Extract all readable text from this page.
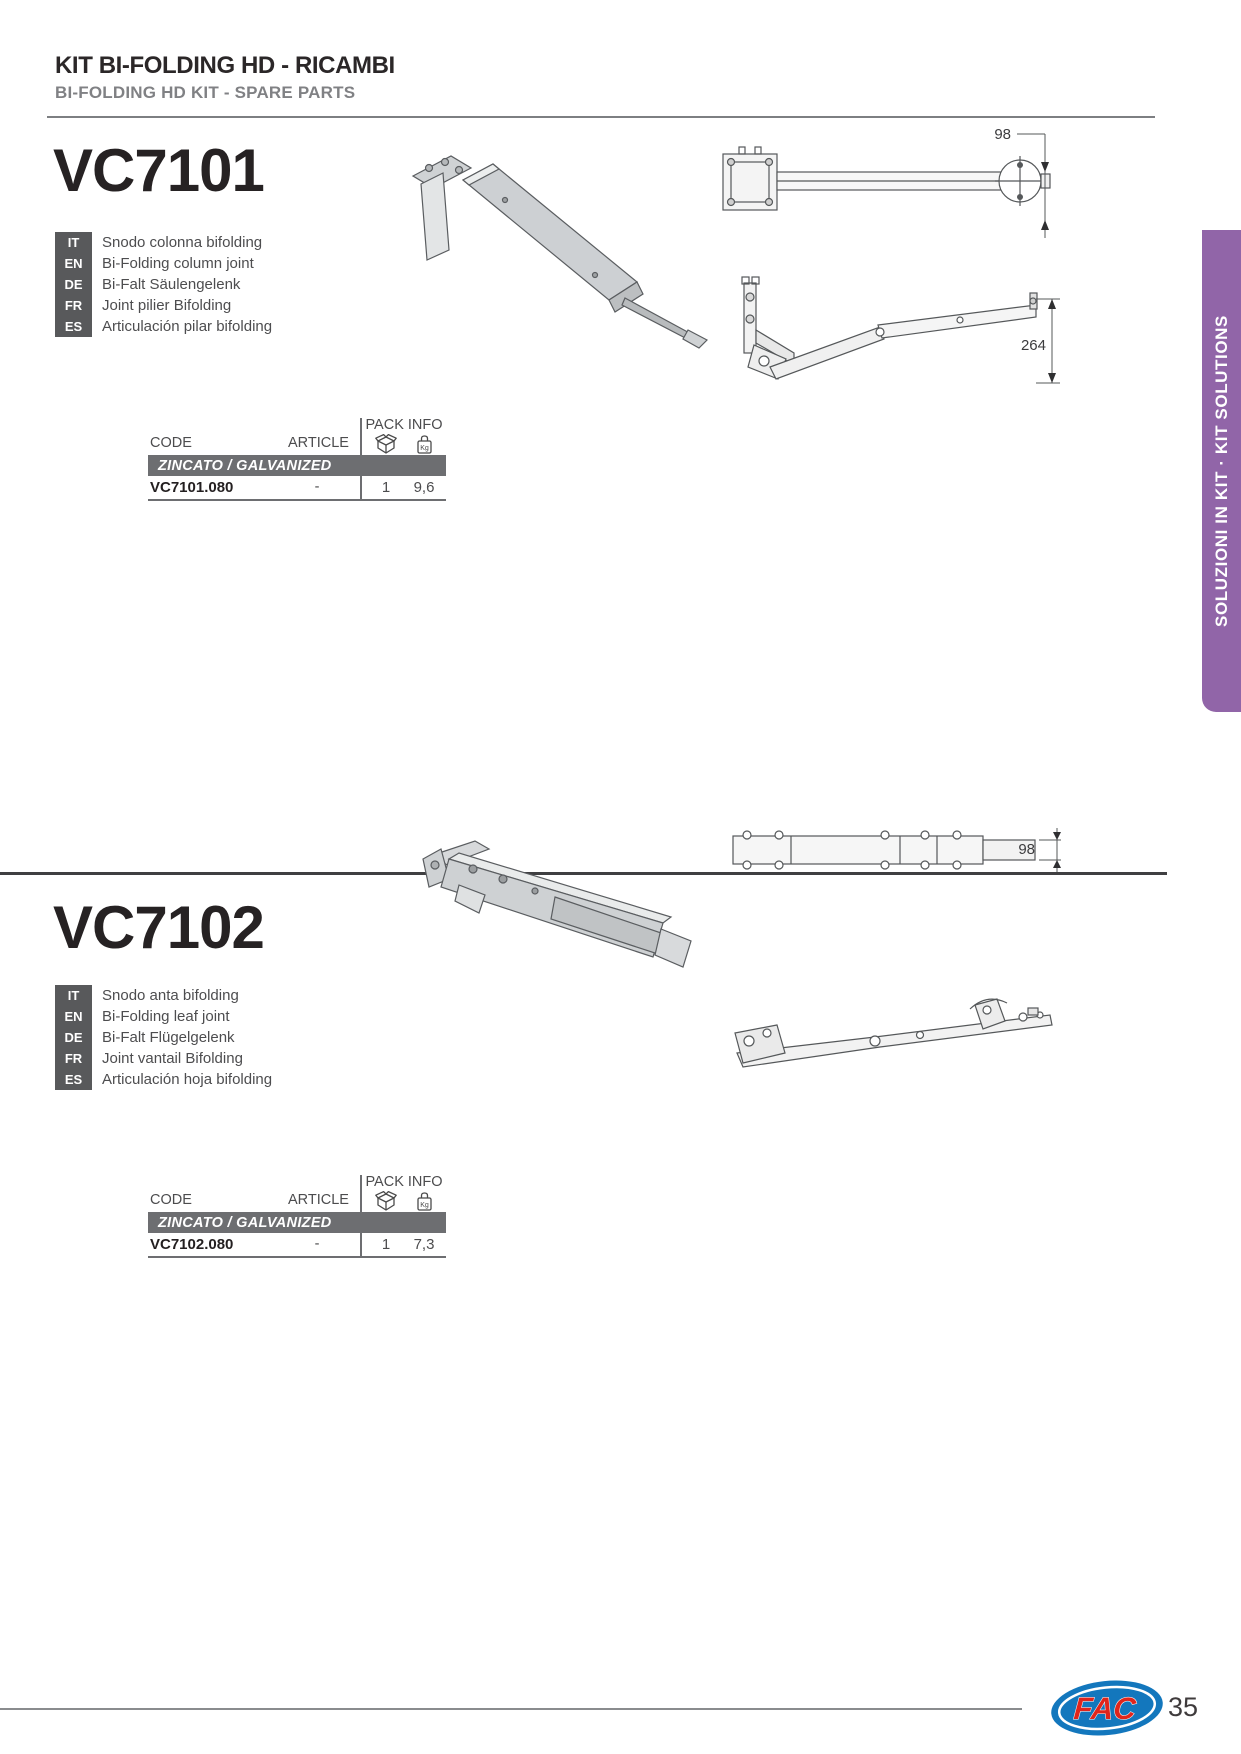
KIT BI-FOLDING HD - RICAMBI
BI-FOLDING HD KIT - SPARE PARTS
VC7101
IT	Snodo colonna bifolding
EN	Bi-Folding column joint
DE	Bi-Falt Säulengelenk
FR	Joint pilier Bifolding
ES	Articulación pilar bifolding
98
264
CODE	ARTICLE
PACK INFO
Kg
ZINCATO / GALVANIZED
VC7101.080	-	1	9,6
VC7102
IT	Snodo anta bifolding
EN	Bi-Folding leaf joint
DE	Bi-Falt Flügelgelenk
FR	Joint vantail Bifolding
ES	Articulación hoja bifolding
98
CODE	ARTICLE
PACK INFO
Kg
ZINCATO / GALVANIZED
VC7102.080	-	1	7,3
SOLUZIONI IN KIT · KIT SOLUTIONS
FAC 35
